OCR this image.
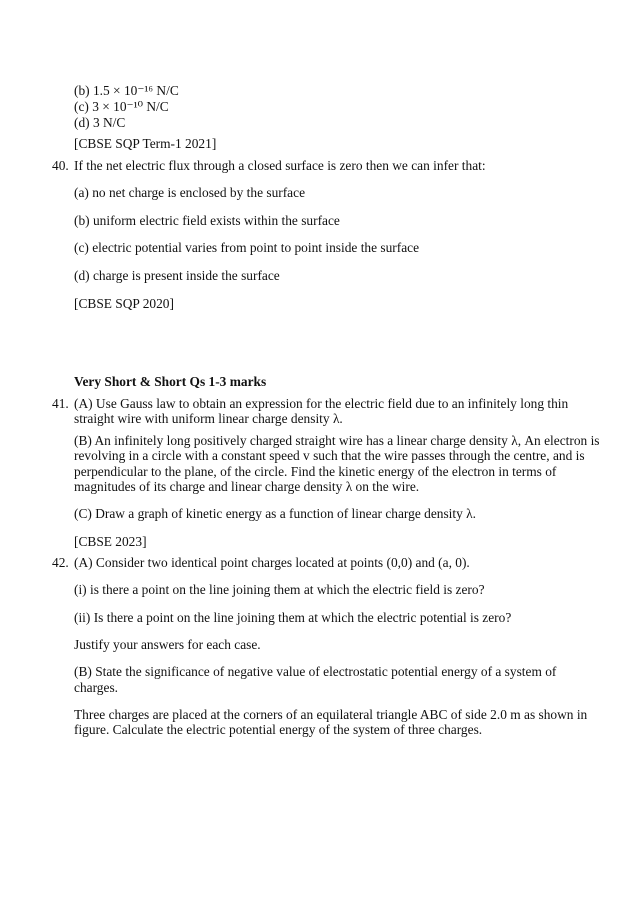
(b) 1.5 × 10⁻¹⁶ N/C
(c) 3 × 10⁻¹⁰ N/C
(d) 3 N/C
[CBSE SQP Term-1 2021]
40. If the net electric flux through a closed surface is zero then we can infer that:
(a) no net charge is enclosed by the surface
(b) uniform electric field exists within the surface
(c) electric potential varies from point to point inside the surface
(d) charge is present inside the surface
[CBSE SQP 2020]
Very Short & Short Qs 1-3 marks
41. (A) Use Gauss law to obtain an expression for the electric field due to an infinitely long thin
straight wire with uniform linear charge density λ.
(B) An infinitely long positively charged straight wire has a linear charge density λ, An electron is
revolving in a circle with a constant speed v such that the wire passes through the centre, and is
perpendicular to the plane, of the circle. Find the kinetic energy of the electron in terms of
magnitudes of its charge and linear charge density λ on the wire.
(C) Draw a graph of kinetic energy as a function of linear charge density λ.
[CBSE 2023]
42. (A) Consider two identical point charges located at points (0,0) and (a, 0).
(i) is there a point on the line joining them at which the electric field is zero?
(ii) Is there a point on the line joining them at which the electric potential is zero?
Justify your answers for each case.
(B) State the significance of negative value of electrostatic potential energy of a system of
charges.
Three charges are placed at the corners of an equilateral triangle ABC of side 2.0 m as shown in
figure. Calculate the electric potential energy of the system of three charges.
